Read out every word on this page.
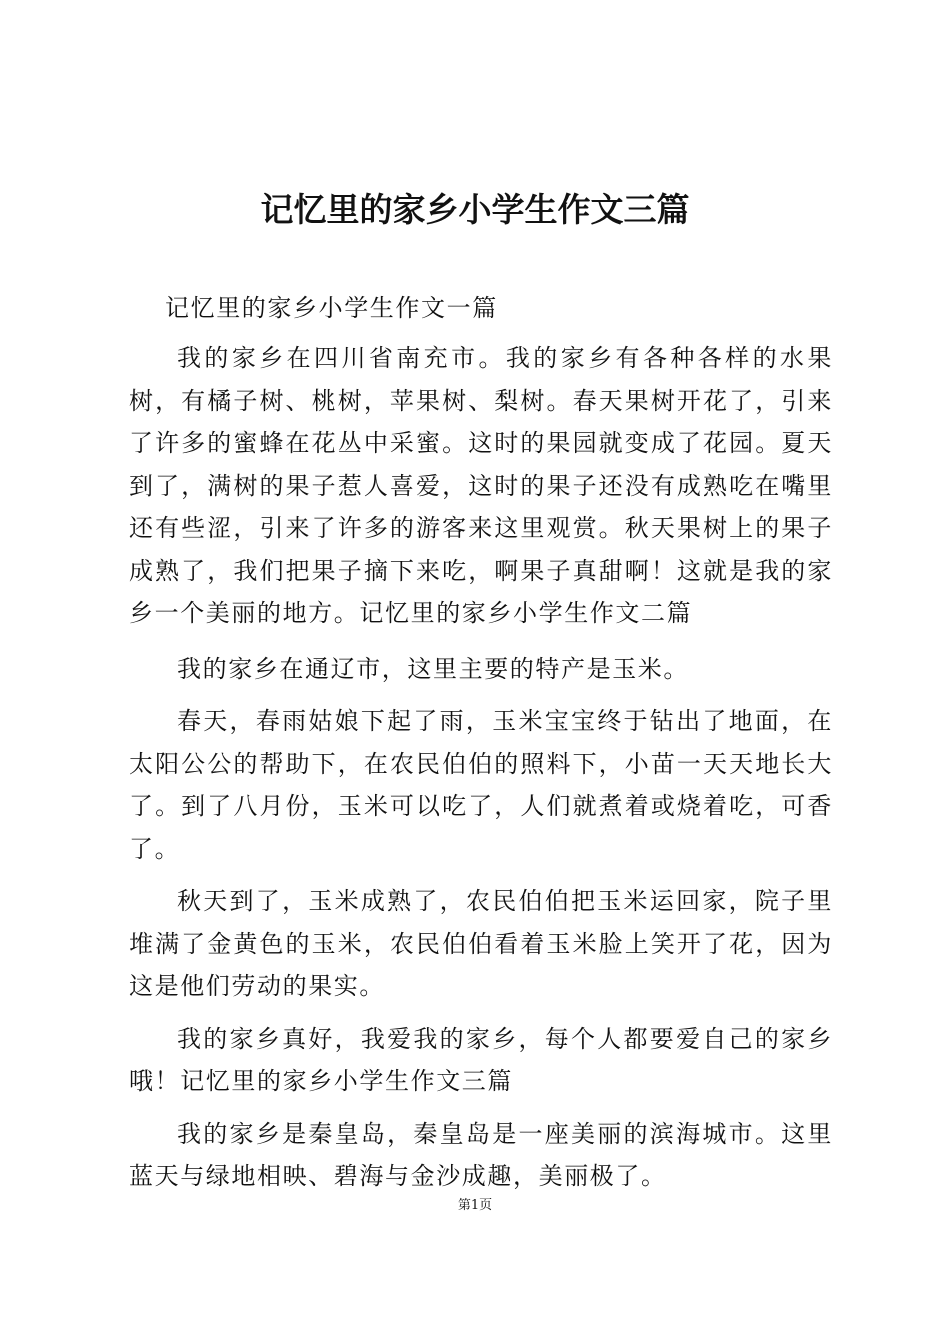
记忆里的家乡小学生作文三篇

记忆里的家乡小学生作文一篇

我的家乡在四川省南充市。我的家乡有各种各样的水果树，有橘子树、桃树，苹果树、梨树。春天果树开花了，引来了许多的蜜蜂在花丛中采蜜。这时的果园就变成了花园。夏天到了，满树的果子惹人喜爱，这时的果子还没有成熟吃在嘴里还有些涩，引来了许多的游客来这里观赏。秋天果树上的果子成熟了，我们把果子摘下来吃，啊果子真甜啊！这就是我的家乡一个美丽的地方。记忆里的家乡小学生作文二篇

我的家乡在通辽市，这里主要的特产是玉米。

春天，春雨姑娘下起了雨，玉米宝宝终于钻出了地面，在太阳公公的帮助下，在农民伯伯的照料下，小苗一天天地长大了。到了八月份，玉米可以吃了，人们就煮着或烧着吃，可香了。

秋天到了，玉米成熟了，农民伯伯把玉米运回家，院子里堆满了金黄色的玉米，农民伯伯看着玉米脸上笑开了花，因为这是他们劳动的果实。

我的家乡真好，我爱我的家乡，每个人都要爱自己的家乡哦！记忆里的家乡小学生作文三篇

我的家乡是秦皇岛，秦皇岛是一座美丽的滨海城市。这里蓝天与绿地相映、碧海与金沙成趣，美丽极了。

第1页
